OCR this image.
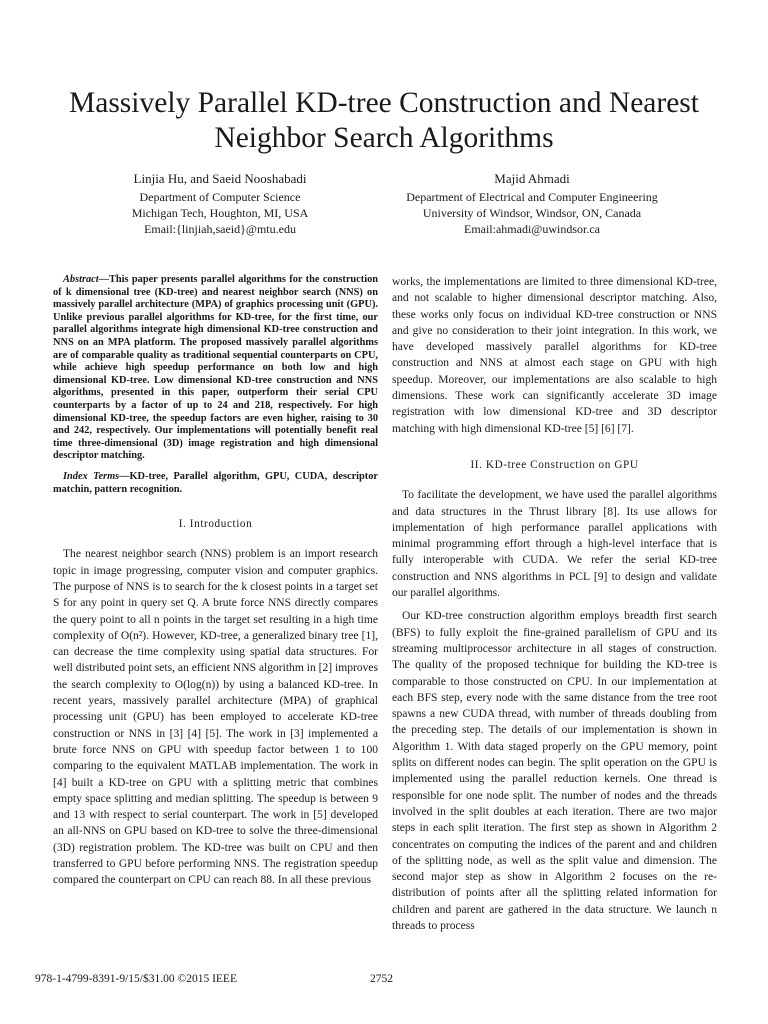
Massively Parallel KD-tree Construction and Nearest Neighbor Search Algorithms
Linjia Hu, and Saeid Nooshabadi
Department of Computer Science
Michigan Tech, Houghton, MI, USA
Email:{linjiah,saeid}@mtu.edu
Majid Ahmadi
Department of Electrical and Computer Engineering
University of Windsor, Windsor, ON, Canada
Email:ahmadi@uwindsor.ca

Abstract—This paper presents parallel algorithms for the construction of k dimensional tree (KD-tree) and nearest neighbor search (NNS) on massively parallel architecture (MPA) of graphics processing unit (GPU). Unlike previous parallel algorithms for KD-tree, for the first time, our parallel algorithms integrate high dimensional KD-tree construction and NNS on an MPA platform. The proposed massively parallel algorithms are of comparable quality as traditional sequential counterparts on CPU, while achieve high speedup performance on both low and high dimensional KD-tree. Low dimensional KD-tree construction and NNS algorithms, presented in this paper, outperform their serial CPU counterparts by a factor of up to 24 and 218, respectively. For high dimensional KD-tree, the speedup factors are even higher, raising to 30 and 242, respectively. Our implementations will potentially benefit real time three-dimensional (3D) image registration and high dimensional descriptor matching.

Index Terms—KD-tree, Parallel algorithm, GPU, CUDA, descriptor matchin, pattern recognition.

I. Introduction

The nearest neighbor search (NNS) problem is an import research topic in image progressing, computer vision and computer graphics. The purpose of NNS is to search for the k closest points in a target set S for any point in query set Q. A brute force NNS directly compares the query point to all n points in the target set resulting in a high time complexity of O(n²). However, KD-tree, a generalized binary tree [1], can decrease the time complexity using spatial data structures. For well distributed point sets, an efficient NNS algorithm in [2] improves the search complexity to O(log(n)) by using a balanced KD-tree. In recent years, massively parallel architecture (MPA) of graphical processing unit (GPU) has been employed to accelerate KD-tree construction or NNS in [3] [4] [5]. The work in [3] implemented a brute force NNS on GPU with speedup factor between 1 to 100 comparing to the equivalent MATLAB implementation. The work in [4] built a KD-tree on GPU with a splitting metric that combines empty space splitting and median splitting. The speedup is between 9 and 13 with respect to serial counterpart. The work in [5] developed an all-NNS on GPU based on KD-tree to solve the three-dimensional (3D) registration problem. The KD-tree was built on CPU and then transferred to GPU before performing NNS. The registration speedup compared the counterpart on CPU can reach 88. In all these previous

works, the implementations are limited to three dimensional KD-tree, and not scalable to higher dimensional descriptor matching. Also, these works only focus on individual KD-tree construction or NNS and give no consideration to their joint integration. In this work, we have developed massively parallel algorithms for KD-tree construction and NNS at almost each stage on GPU with high speedup. Moreover, our implementations are also scalable to high dimensions. These work can significantly accelerate 3D image registration with low dimensional KD-tree and 3D descriptor matching with high dimensional KD-tree [5] [6] [7].

II. KD-tree Construction on GPU

To facilitate the development, we have used the parallel algorithms and data structures in the Thrust library [8]. Its use allows for implementation of high performance parallel applications with minimal programming effort through a high-level interface that is fully interoperable with CUDA. We refer the serial KD-tree construction and NNS algorithms in PCL [9] to design and validate our parallel algorithms.

Our KD-tree construction algorithm employs breadth first search (BFS) to fully exploit the fine-grained parallelism of GPU and its streaming multiprocessor architecture in all stages of construction. The quality of the proposed technique for building the KD-tree is comparable to those constructed on CPU. In our implementation at each BFS step, every node with the same distance from the tree root spawns a new CUDA thread, with number of threads doubling from the preceding step. The details of our implementation is shown in Algorithm 1. With data staged properly on the GPU memory, point splits on different nodes can begin. The split operation on the GPU is implemented using the parallel reduction kernels. One thread is responsible for one node split. The number of nodes and the threads involved in the split doubles at each iteration. There are two major steps in each split iteration. The first step as shown in Algorithm 2 concentrates on computing the indices of the parent and and children of the splitting node, as well as the split value and dimension. The second major step as show in Algorithm 2 focuses on the re-distribution of points after all the splitting related information for children and parent are gathered in the data structure. We launch n threads to process

978-1-4799-8391-9/15/$31.00 ©2015 IEEE	2752
